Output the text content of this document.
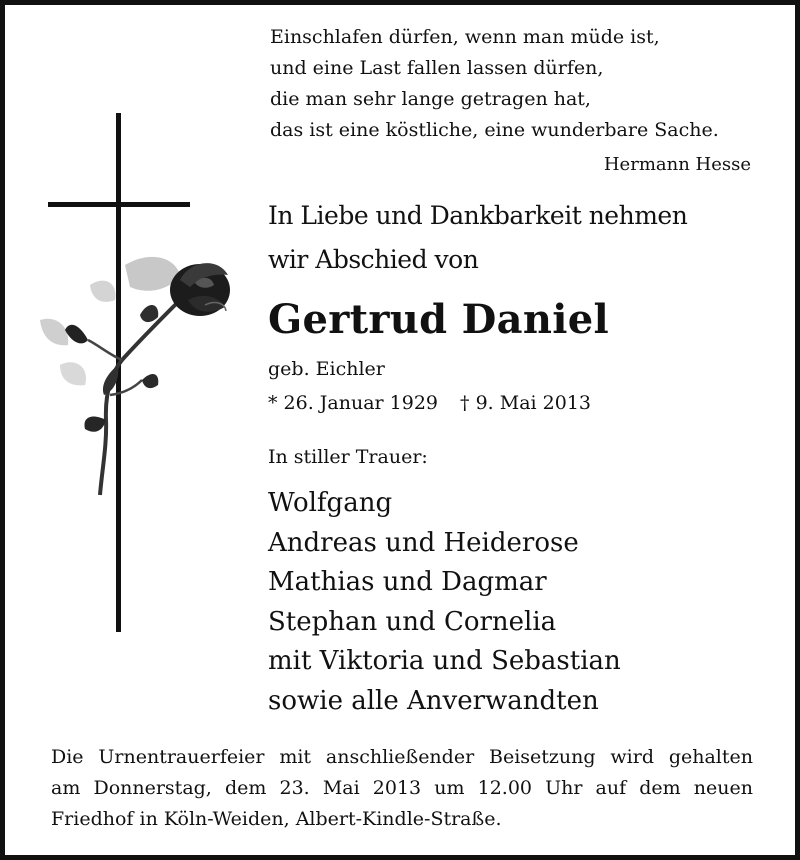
Einschlafen dürfen, wenn man müde ist,
und eine Last fallen lassen dürfen,
die man sehr lange getragen hat,
das ist eine köstliche, eine wunderbare Sache.
Hermann Hesse
In Liebe und Dankbarkeit nehmen
wir Abschied von
Gertrud Daniel
geb. Eichler
* 26. Januar 1929 † 9. Mai 2013
In stiller Trauer:
Wolfgang
Andreas und Heiderose
Mathias und Dagmar
Stephan und Cornelia
mit Viktoria und Sebastian
sowie alle Anverwandten
Die Urnentrauerfeier mit anschließender Beisetzung wird gehalten
am Donnerstag, dem 23. Mai 2013 um 12.00 Uhr auf dem neuen
Friedhof in Köln-Weiden, Albert-Kindle-Straße.
